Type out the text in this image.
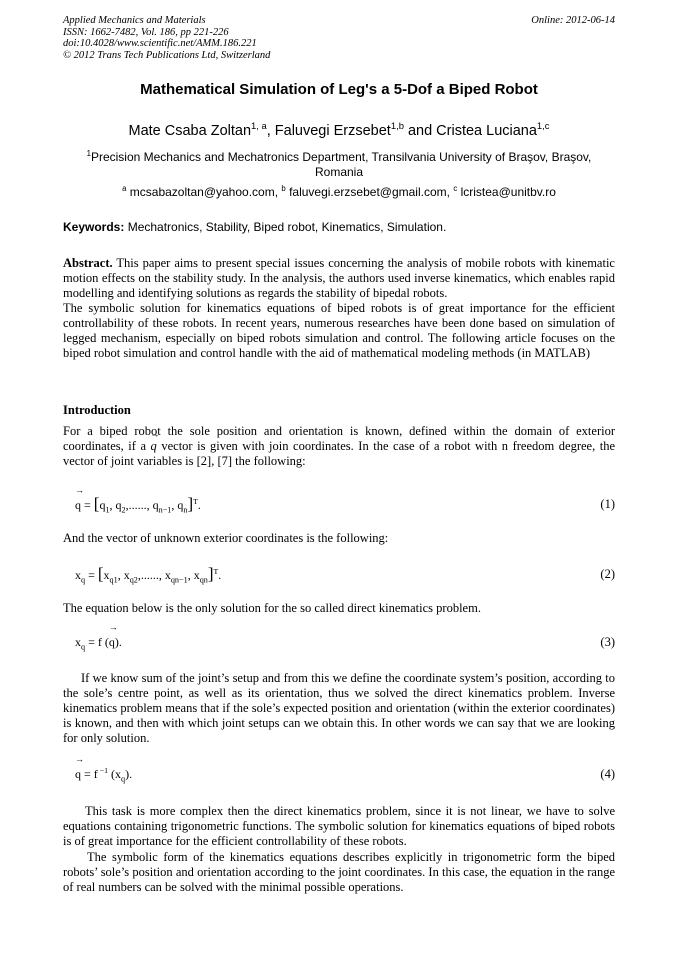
Applied Mechanics and Materials
ISSN: 1662-7482, Vol. 186, pp 221-226
doi:10.4028/www.scientific.net/AMM.186.221
© 2012 Trans Tech Publications Ltd, Switzerland
Online: 2012-06-14
Mathematical Simulation of Leg's a 5-Dof a Biped Robot
Mate Csaba Zoltan$^{1, a}$, Faluvegi Erzsebet$^{1,b}$ and Cristea Luciana$^{1,c}$
$^1$Precision Mechanics and Mechatronics Department, Transilvania University of Braşov, Braşov, Romania
$^a$ mcsabazoltan@yahoo.com, $^b$ faluvegi.erzsebet@gmail.com, $^c$ lcristea@unitbv.ro
Keywords: Mechatronics, Stability, Biped robot, Kinematics, Simulation.

Abstract. This paper aims to present special issues concerning the analysis of mobile robots with kinematic motion effects on the stability study. In the analysis, the authors used inverse kinematics, which enables rapid modelling and identifying solutions as regards the stability of bipedal robots.

The symbolic solution for kinematics equations of biped robots is of great importance for the efficient controllability of these robots. In recent years, numerous researches have been done based on simulation of legged mechanism, especially on biped robots simulation and control. The following article focuses on the biped robot simulation and control handle with the aid of mathematical modeling methods (in MATLAB)

Introduction
For a biped robot the sole position and orientation is known, defined within the domain of exterior coordinates, if a → q vector is given with join coordinates. In the case of a robot with n freedom degree, the vector of joint variables is [2], [7] the following:
→ $q = [q_1$, $q_2$,......, $q_{n-1}$, $q_n]^T$.	(1)
And the vector of unknown exterior coordinates is the following:
$x_q = [x_{q1}$, $x_{q2}$,......, $x_{qn-1}$, $x_{qn}]^T$.	(2)
The equation below is the only solution for the so called direct kinematics problem.
$x_q = f$ (→ q).	(3)
If we know sum of the joint’s setup and from this we define the coordinate system’s position, according to the sole’s centre point, as well as its orientation, thus we solved the direct kinematics problem. Inverse kinematics problem means that if the sole’s expected position and orientation (within the exterior coordinates) is known, and then with which joint setups can we obtain this. In other words we can say that we are looking for only solution.
→ q = f $^{-1}$ $(x_q)$.	(4)
This task is more complex then the direct kinematics problem, since it is not linear, we have to solve equations containing trigonometric functions. The symbolic solution for kinematics equations of biped robots is of great importance for the efficient controllability of these robots.
The symbolic form of the kinematics equations describes explicitly in trigonometric form the biped robots’ sole’s position and orientation according to the joint coordinates. In this case, the equation in the range of real numbers can be solved with the minimal possible operations.
